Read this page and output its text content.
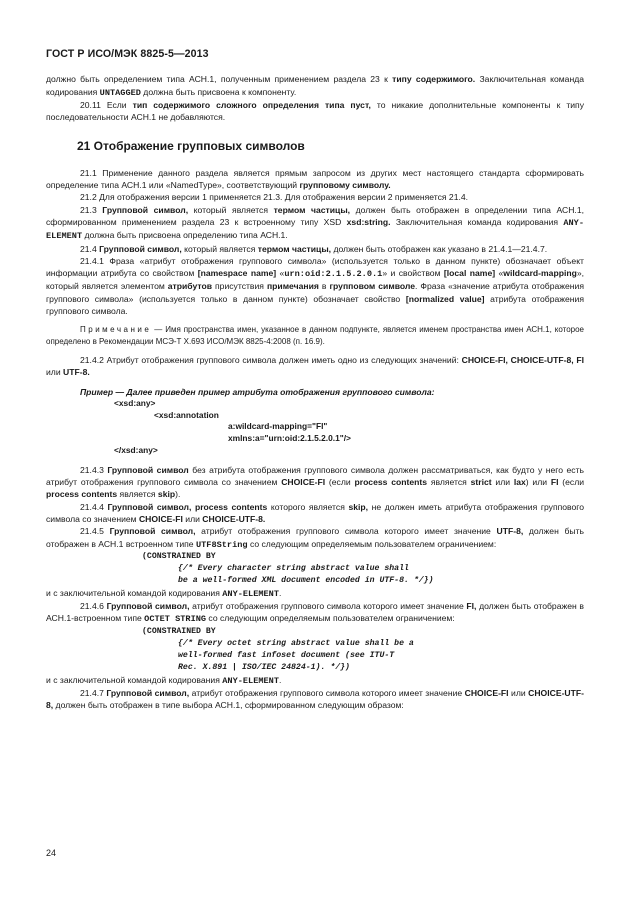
ГОСТ Р ИСО/МЭК 8825-5—2013

должно быть определением типа АСН.1, полученным применением раздела 23 к типу содержимого. Заключительная команда кодирования UNTAGGED должна быть присвоена к компоненту.

20.11 Если тип содержимого сложного определения типа пуст, то никакие дополнительные компоненты к типу последовательности АСН.1 не добавляются.

21 Отображение групповых символов

21.1 Применение данного раздела является прямым запросом из других мест настоящего стандарта сформировать определение типа АСН.1 или «NamedType», соответствующий групповому символу.

21.2 Для отображения версии 1 применяется 21.3. Для отображения версии 2 применяется 21.4.

21.3 Групповой символ, который является термом частицы, должен быть отображен в определении типа АСН.1, сформированном применением раздела 23 к встроенному типу XSD xsd:string. Заключительная команда кодирования ANY-ELEMENT должна быть присвоена определению типа АСН.1.

21.4 Групповой символ, который является термом частицы, должен быть отображен как указано в 21.4.1—21.4.7.

21.4.1 Фраза «атрибут отображения группового символа» (используется только в данном пункте) обозначает объект информации атрибута со свойством [namespace name] «urn:oid:2.1.5.2.0.1» и свойством [local name] «wildcard-mapping», который является элементом атрибутов присутствия примечания в групповом символе. Фраза «значение атрибута отображения группового символа» (используется только в данном пункте) обозначает свойство [normalized value] атрибута отображения группового символа.

Примечание — Имя пространства имен, указанное в данном подпункте, является именем пространства имен АСН.1, которое определено в Рекомендации МСЭ-Т Х.693 ИСО/МЭК 8825-4:2008 (п. 16.9).

21.4.2 Атрибут отображения группового символа должен иметь одно из следующих значений: CHOICE-FI, CHOICE-UTF-8, FI или UTF-8.

Пример — Далее приведен пример атрибута отображения группового символа:

<xsd:any>
<xsd:annotation
a:wildcard-mapping="FI"
xmlns:a="urn:oid:2.1.5.2.0.1"/>
</xsd:any>

21.4.3 Групповой символ без атрибута отображения группового символа должен рассматриваться, как будто у него есть атрибут отображения группового символа со значением CHOICE-FI (если process contents является strict или lax) или FI (если process contents является skip).

21.4.4 Групповой символ, process contents которого является skip, не должен иметь атрибута отображения группового символа со значением CHOICE-FI или CHOICE-UTF-8.

21.4.5 Групповой символ, атрибут отображения группового символа которого имеет значение UTF-8, должен быть отображен в АСН.1 встроенном типе UTF8String со следующим определяемым пользователем ограничением:

(CONSTRAINED BY
{/* Every character string abstract value shall
be a well-formed XML document encoded in UTF-8. */})

и с заключительной командой кодирования ANY-ELEMENT.

21.4.6 Групповой символ, атрибут отображения группового символа которого имеет значение FI, должен быть отображен в АСН.1-встроенном типе OCTET STRING со следующим определяемым пользователем ограничением:

(CONSTRAINED BY
{/* Every octet string abstract value shall be a
well-formed fast infoset document (see ITU-T
Rec. X.891 | ISO/IEC 24824-1). */})

и с заключительной командой кодирования ANY-ELEMENT.

21.4.7 Групповой символ, атрибут отображения группового символа которого имеет значение CHOICE-FI или CHOICE-UTF-8, должен быть отображен в типе выбора АСН.1, сформированном следующим образом:

24
